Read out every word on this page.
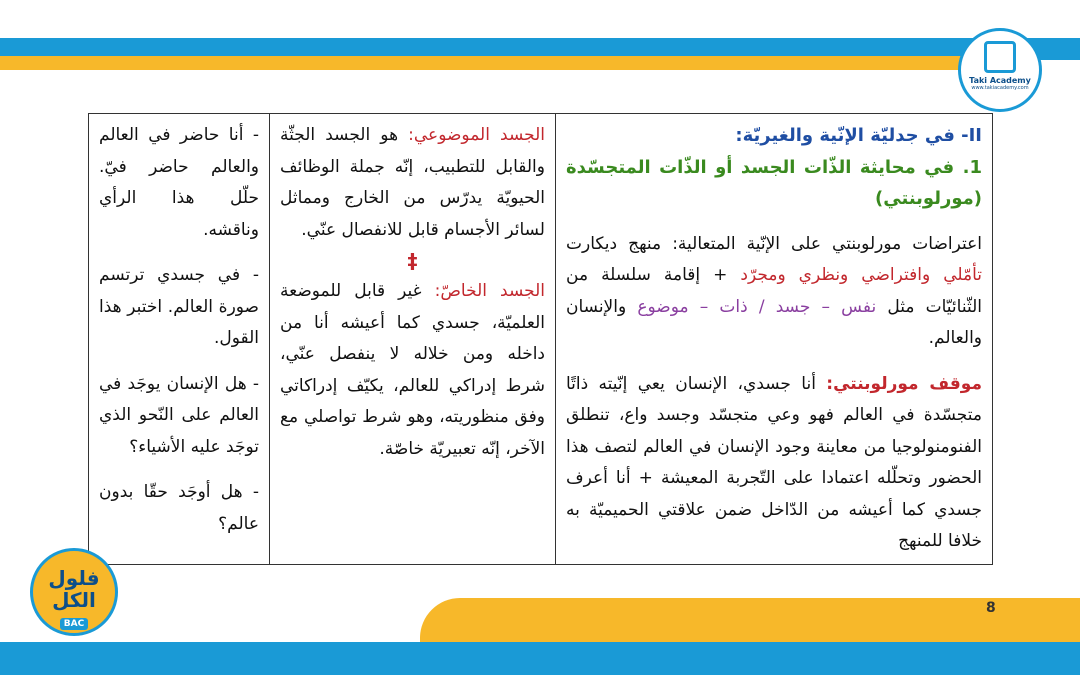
Taki Academy
www.takiacademy.com

II- في جدليّة الإنّية والغيريّة:

1. في محايثة الذّات الجسد أو الذّات المتجسّدة (مورلوبنتي)

اعتراضات مورلوبنتي على الإنّية المتعالية: منهج ديكارت تأمّلي وافتراضي ونظري ومجرّد + إقامة سلسلة من الثّنائيّات مثل نفس – جسد / ذات – موضوع والإنسان والعالم.

موقف مورلوبنتي: أنا جسدي، الإنسان يعي إنّيته ذاتًا متجسّدة في العالم فهو وعي متجسّد وجسد واع، تنطلق الفنومنولوجيا من معاينة وجود الإنسان في العالم لتصف هذا الحضور وتحلّله اعتمادا على التّجربة المعيشة + أنا أعرف جسدي كما أعيشه من الدّاخل ضمن علاقتي الحميميّة به خلافا للمنهج

الجسد الموضوعي: هو الجسد الجثّة والقابل للتطبيب، إنّه جملة الوظائف الحيويّة يدرّس من الخارج ومماثل لسائر الأجسام قابل للانفصال عنّي.

‡

الجسد الخاصّ: غير قابل للموضعة العلميّة، جسدي كما أعيشه أنا من داخله ومن خلاله لا ينفصل عنّي، شرط إدراكي للعالم، يكيّف إدراكاتي وفق منظوريته، وهو شرط تواصلي مع الآخر، إنّه تعبيريّة خاصّة.

- أنا حاضر في العالم والعالم حاضر فيّ. حلّل هذا الرأي وناقشه.

- في جسدي ترتسم صورة العالم. اختبر هذا القول.

- هل الإنسان يوجَد في العالم على النّحو الذي توجَد عليه الأشياء؟

- هل أوجَد حقّا بدون عالم؟

8
فلول الكل
BAC
